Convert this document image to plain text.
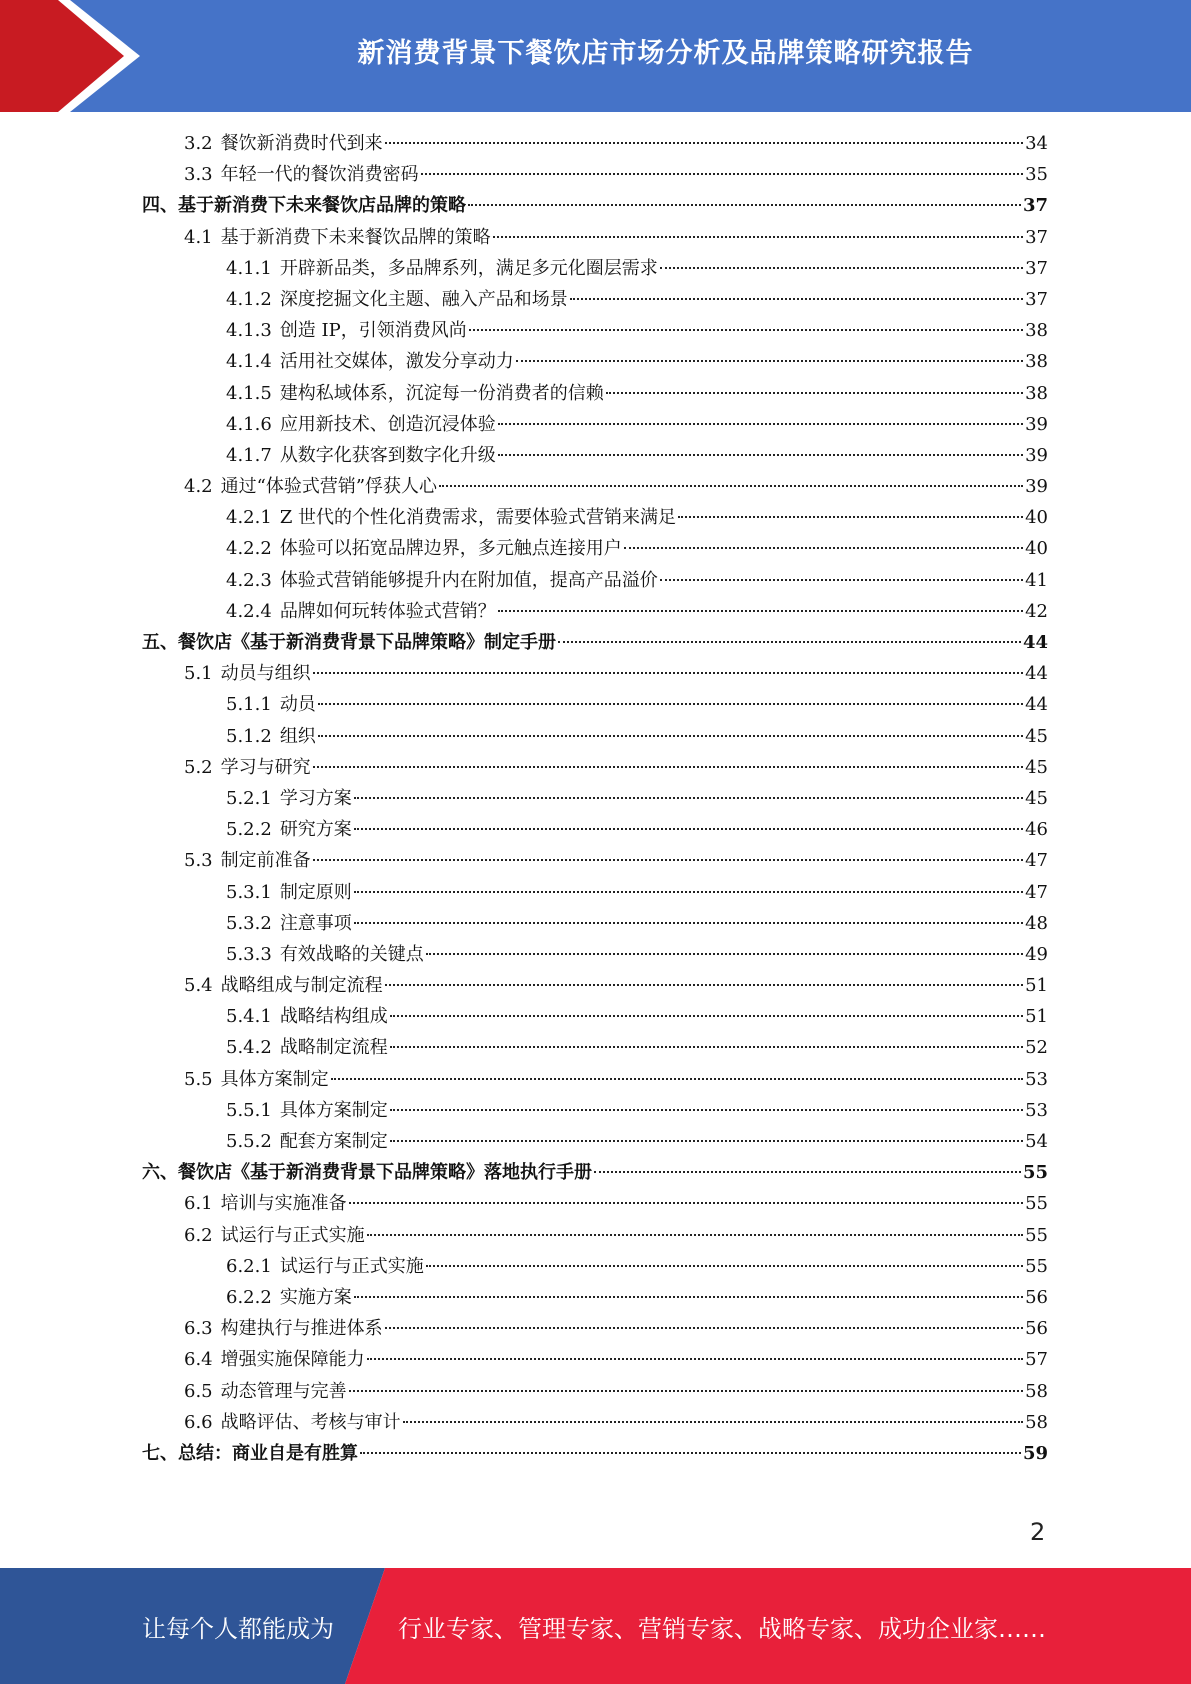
新消费背景下餐饮店市场分析及品牌策略研究报告
3.2 餐饮新消费时代到来	34
3.3 年轻一代的餐饮消费密码	35
四、基于新消费下未来餐饮店品牌的策略	37
4.1 基于新消费下未来餐饮品牌的策略	37
4.1.1 开辟新品类，多品牌系列，满足多元化圈层需求	37
4.1.2 深度挖掘文化主题、融入产品和场景	37
4.1.3 创造 IP，引领消费风尚	38
4.1.4 活用社交媒体，激发分享动力	38
4.1.5 建构私域体系，沉淀每一份消费者的信赖	38
4.1.6 应用新技术、创造沉浸体验	39
4.1.7 从数字化获客到数字化升级	39
4.2 通过“体验式营销”俘获人心	39
4.2.1 Z 世代的个性化消费需求，需要体验式营销来满足	40
4.2.2 体验可以拓宽品牌边界，多元触点连接用户	40
4.2.3 体验式营销能够提升内在附加值，提高产品溢价	41
4.2.4 品牌如何玩转体验式营销？	42
五、餐饮店《基于新消费背景下品牌策略》制定手册	44
5.1 动员与组织	44
5.1.1 动员	44
5.1.2 组织	45
5.2 学习与研究	45
5.2.1 学习方案	45
5.2.2 研究方案	46
5.3 制定前准备	47
5.3.1 制定原则	47
5.3.2 注意事项	48
5.3.3 有效战略的关键点	49
5.4 战略组成与制定流程	51
5.4.1 战略结构组成	51
5.4.2 战略制定流程	52
5.5 具体方案制定	53
5.5.1 具体方案制定	53
5.5.2 配套方案制定	54
六、餐饮店《基于新消费背景下品牌策略》落地执行手册	55
6.1 培训与实施准备	55
6.2 试运行与正式实施	55
6.2.1 试运行与正式实施	55
6.2.2 实施方案	56
6.3 构建执行与推进体系	56
6.4 增强实施保障能力	57
6.5 动态管理与完善	58
6.6 战略评估、考核与审计	58
七、总结：商业自是有胜算	59
2
让每个人都能成为	行业专家、管理专家、营销专家、战略专家、成功企业家……
